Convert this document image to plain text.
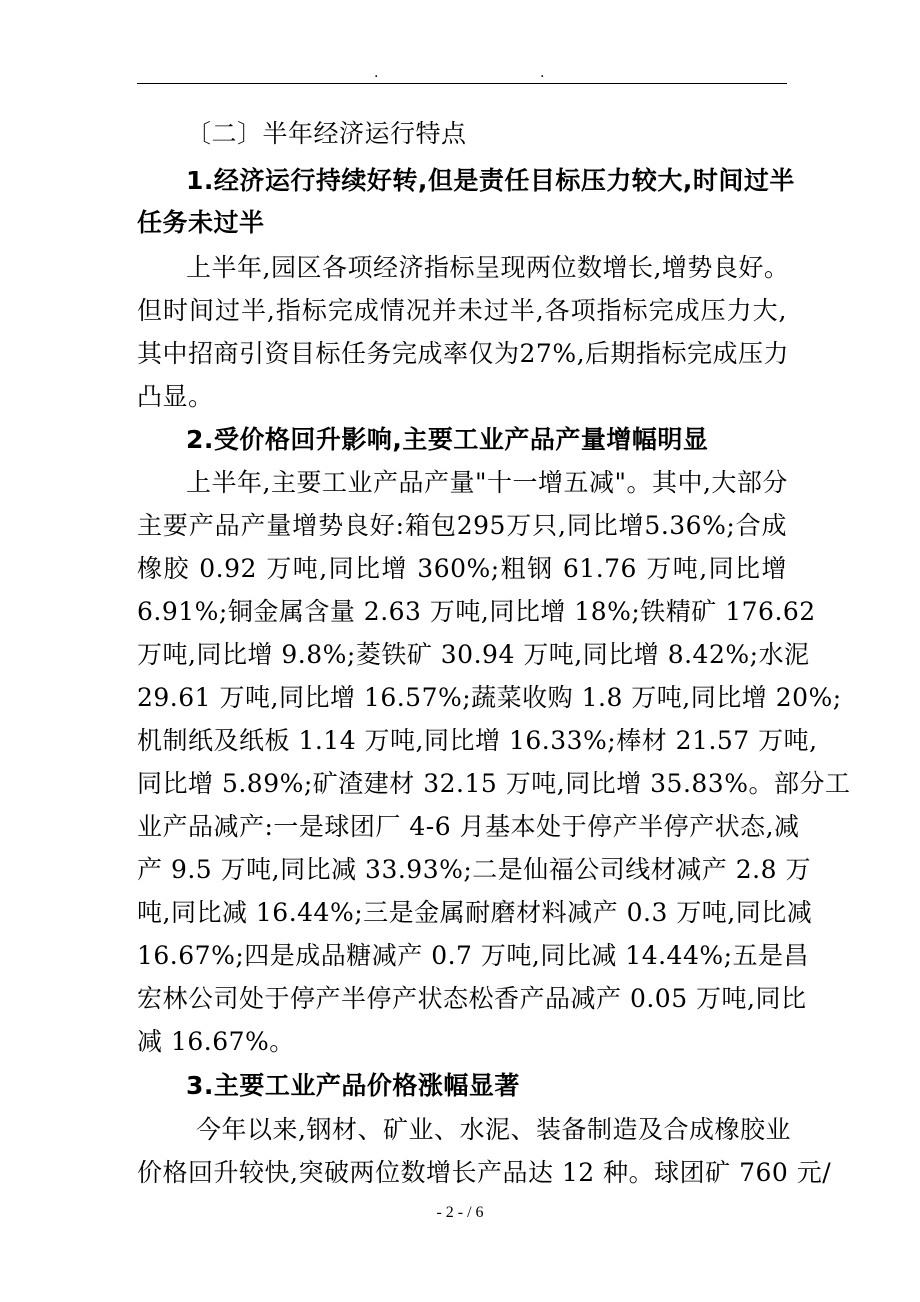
.	.
〔二〕半年经济运行特点
1.经济运行持续好转,但是责任目标压力较大,时间过半
任务未过半
上半年,园区各项经济指标呈现两位数增长,增势良好。
但时间过半,指标完成情况并未过半,各项指标完成压力大,
其中招商引资目标任务完成率仅为27%,后期指标完成压力
凸显。
2.受价格回升影响,主要工业产品产量增幅明显
上半年,主要工业产品产量"十一增五减"。其中,大部分
主要产品产量增势良好:箱包295万只,同比增5.36%;合成
橡胶 0.92 万吨,同比增 360%;粗钢 61.76 万吨,同比增
6.91%;铜金属含量 2.63 万吨,同比增 18%;铁精矿 176.62
万吨,同比增 9.8%;菱铁矿 30.94 万吨,同比增 8.42%;水泥
29.61 万吨,同比增 16.57%;蔬菜收购 1.8 万吨,同比增 20%;
机制纸及纸板 1.14 万吨,同比增 16.33%;棒材 21.57 万吨,
同比增 5.89%;矿渣建材 32.15 万吨,同比增 35.83%。部分工
业产品减产:一是球团厂 4-6 月基本处于停产半停产状态,减
产 9.5 万吨,同比减 33.93%;二是仙福公司线材减产 2.8 万
吨,同比减 16.44%;三是金属耐磨材料减产 0.3 万吨,同比减
16.67%;四是成品糖减产 0.7 万吨,同比减 14.44%;五是昌
宏林公司处于停产半停产状态松香产品减产 0.05 万吨,同比
减 16.67%。
3.主要工业产品价格涨幅显著
今年以来,钢材、矿业、水泥、装备制造及合成橡胶业
价格回升较快,突破两位数增长产品达 12 种。球团矿 760 元/
- 2 - / 6
